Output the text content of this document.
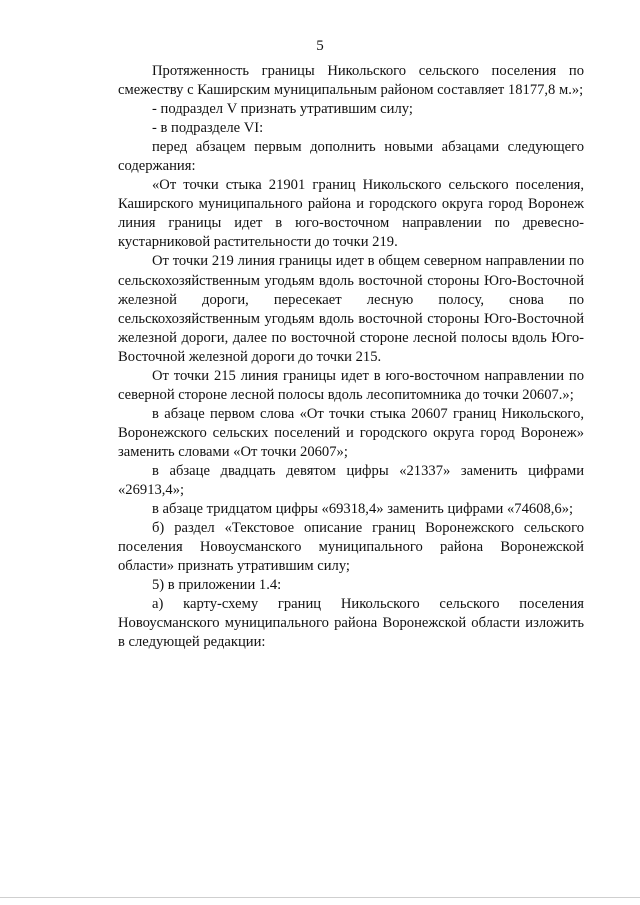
5

Протяженность границы Никольского сельского поселения по смежеству с Каширским муниципальным районом составляет 18177,8 м.»;

- подраздел V признать утратившим силу;

- в подразделе VI:

перед абзацем первым дополнить новыми абзацами следующего содержания:

«От точки стыка 21901 границ Никольского сельского поселения, Каширского муниципального района и городского округа город Воронеж линия границы идет в юго-восточном направлении по древесно-кустарниковой растительности до точки 219.

От точки 219 линия границы идет в общем северном направлении по сельскохозяйственным угодьям вдоль восточной стороны Юго-Восточной железной дороги, пересекает лесную полосу, снова по сельскохозяйственным угодьям вдоль восточной стороны Юго-Восточной железной дороги, далее по восточной стороне лесной полосы вдоль Юго-Восточной железной дороги до точки 215.

От точки 215 линия границы идет в юго-восточном направлении по северной стороне лесной полосы вдоль лесопитомника до точки 20607.»;

в абзаце первом слова «От точки стыка 20607 границ Никольского, Воронежского сельских поселений и городского округа город Воронеж» заменить словами «От точки 20607»;

в абзаце двадцать девятом цифры «21337» заменить цифрами «26913,4»;

в абзаце тридцатом цифры «69318,4» заменить цифрами «74608,6»;

б) раздел «Текстовое описание границ Воронежского сельского поселения Новоусманского муниципального района Воронежской области» признать утратившим силу;

5) в приложении 1.4:

а) карту-схему границ Никольского сельского поселения Новоусманского муниципального района Воронежской области изложить в следующей редакции:
